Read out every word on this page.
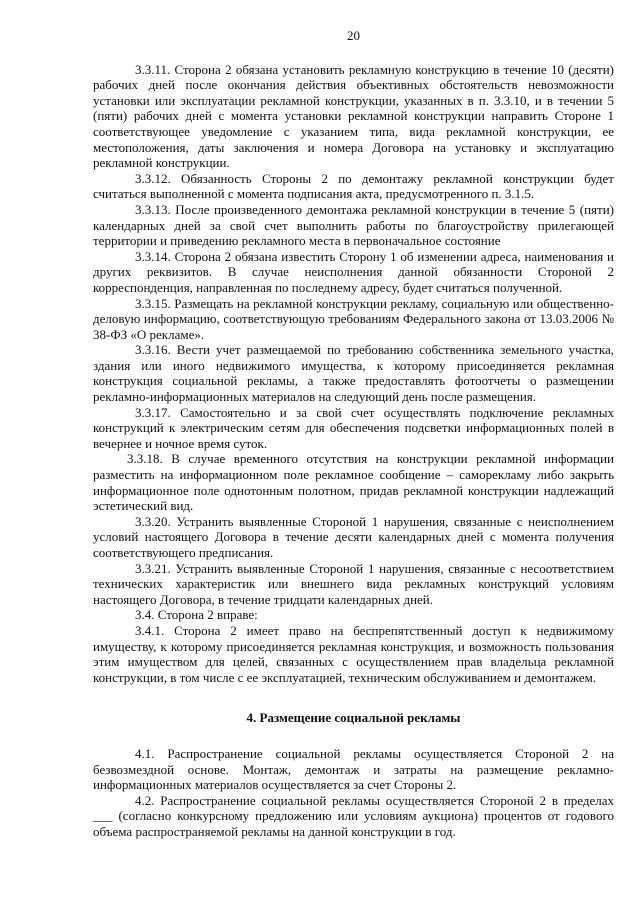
20

3.3.11. Сторона 2 обязана установить рекламную конструкцию в течение 10 (десяти) рабочих дней после окончания действия объективных обстоятельств невозможности установки или эксплуатации рекламной конструкции, указанных в п. 3.3.10, и в течении 5 (пяти) рабочих дней с момента установки рекламной конструкции направить Стороне 1 соответствующее уведомление с указанием типа, вида рекламной конструкции, ее местоположения, даты заключения и номера Договора на установку и эксплуатацию рекламной конструкции.

3.3.12. Обязанность Стороны 2 по демонтажу рекламной конструкции будет считаться выполненной с момента подписания акта, предусмотренного п. 3.1.5.

3.3.13. После произведенного демонтажа рекламной конструкции в течение 5 (пяти) календарных дней за свой счет выполнить работы по благоустройству прилегающей территории и приведению рекламного места в первоначальное состояние

3.3.14. Сторона 2 обязана известить Сторону 1 об изменении адреса, наименования и других реквизитов. В случае неисполнения данной обязанности Стороной 2 корреспонденция, направленная по последнему адресу, будет считаться полученной.

3.3.15. Размещать на рекламной конструкции рекламу, социальную или общественно-деловую информацию, соответствующую требованиям Федерального закона от 13.03.2006 № 38-ФЗ «О рекламе».

3.3.16. Вести учет размещаемой по требованию собственника земельного участка, здания или иного недвижимого имущества, к которому присоединяется рекламная конструкция социальной рекламы, а также предоставлять фотоотчеты о размещении рекламно-информационных материалов на следующий день после размещения.

3.3.17. Самостоятельно и за свой счет осуществлять подключение рекламных конструкций к электрическим сетям для обеспечения подсветки информационных полей в вечернее и ночное время суток.

3.3.18. В случае временного отсутствия на конструкции рекламной информации разместить на информационном поле рекламное сообщение – саморекламу либо закрыть информационное поле однотонным полотном, придав рекламной конструкции надлежащий эстетический вид.

3.3.20. Устранить выявленные Стороной 1 нарушения, связанные с неисполнением условий настоящего Договора в течение десяти календарных дней с момента получения соответствующего предписания.

3.3.21. Устранить выявленные Стороной 1 нарушения, связанные с несоответствием технических характеристик или внешнего вида рекламных конструкций условиям настоящего Договора, в течение тридцати календарных дней.

3.4. Сторона 2 вправе:

3.4.1. Сторона 2 имеет право на беспрепятственный доступ к недвижимому имуществу, к которому присоединяется рекламная конструкция, и возможность пользования этим имуществом для целей, связанных с осуществлением прав владельца рекламной конструкции, в том числе с ее эксплуатацией, техническим обслуживанием и демонтажем.

4. Размещение социальной рекламы

4.1. Распространение социальной рекламы осуществляется Стороной 2 на безвозмездной основе. Монтаж, демонтаж и затраты на размещение рекламно-информационных материалов осуществляется за счет Стороны 2.

4.2. Распространение социальной рекламы осуществляется Стороной 2 в пределах ___ (согласно конкурсному предложению или условиям аукциона) процентов от годового объема распространяемой рекламы на данной конструкции в год.
